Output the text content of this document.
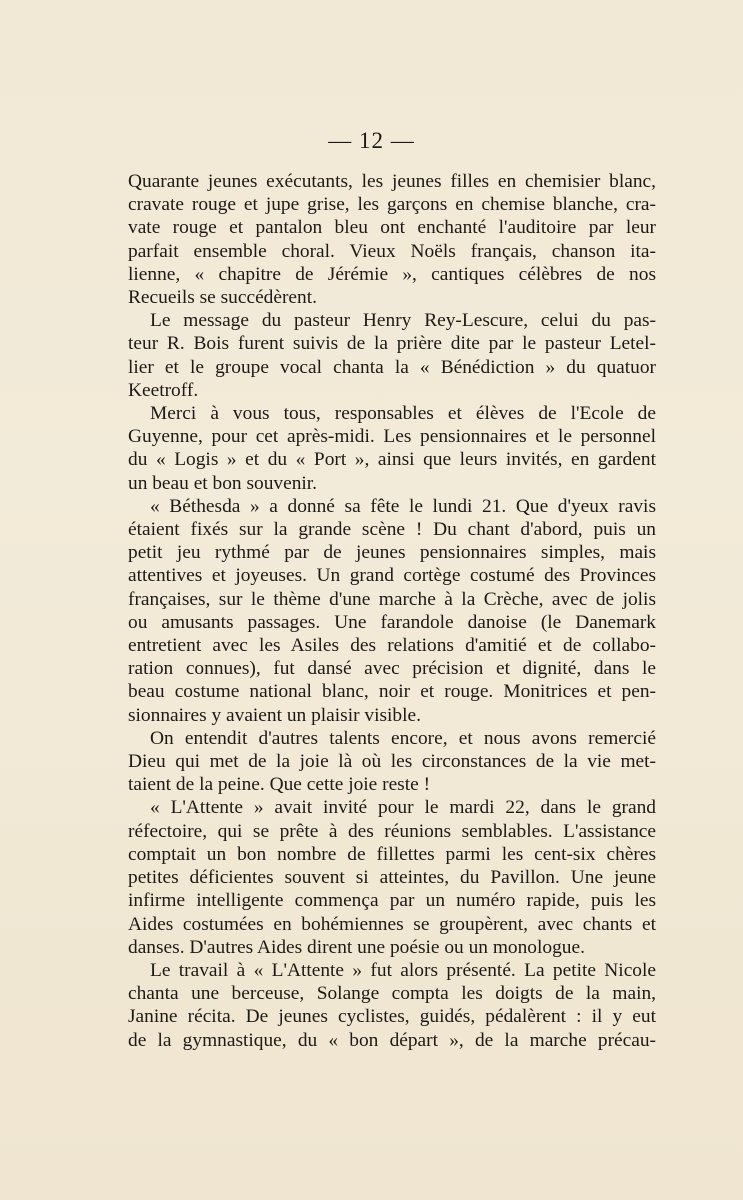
— 12 —

Quarante jeunes exécutants, les jeunes filles en chemisier blanc,
cravate rouge et jupe grise, les garçons en chemise blanche, cra-
vate rouge et pantalon bleu ont enchanté l'auditoire par leur
parfait ensemble choral. Vieux Noëls français, chanson ita-
lienne, « chapitre de Jérémie », cantiques célèbres de nos
Recueils se succédèrent.

Le message du pasteur Henry Rey-Lescure, celui du pas-
teur R. Bois furent suivis de la prière dite par le pasteur Letel-
lier et le groupe vocal chanta la « Bénédiction » du quatuor
Keetroff.

Merci à vous tous, responsables et élèves de l'Ecole de
Guyenne, pour cet après-midi. Les pensionnaires et le personnel
du « Logis » et du « Port », ainsi que leurs invités, en gardent
un beau et bon souvenir.

« Béthesda » a donné sa fête le lundi 21. Que d'yeux ravis
étaient fixés sur la grande scène ! Du chant d'abord, puis un
petit jeu rythmé par de jeunes pensionnaires simples, mais
attentives et joyeuses. Un grand cortège costumé des Provinces
françaises, sur le thème d'une marche à la Crèche, avec de jolis
ou amusants passages. Une farandole danoise (le Danemark
entretient avec les Asiles des relations d'amitié et de collabo-
ration connues), fut dansé avec précision et dignité, dans le
beau costume national blanc, noir et rouge. Monitrices et pen-
sionnaires y avaient un plaisir visible.

On entendit d'autres talents encore, et nous avons remercié
Dieu qui met de la joie là où les circonstances de la vie met-
taient de la peine. Que cette joie reste !

« L'Attente » avait invité pour le mardi 22, dans le grand
réfectoire, qui se prête à des réunions semblables. L'assistance
comptait un bon nombre de fillettes parmi les cent-six chères
petites déficientes souvent si atteintes, du Pavillon. Une jeune
infirme intelligente commença par un numéro rapide, puis les
Aides costumées en bohémiennes se groupèrent, avec chants et
danses. D'autres Aides dirent une poésie ou un monologue.

Le travail à « L'Attente » fut alors présenté. La petite Nicole
chanta une berceuse, Solange compta les doigts de la main,
Janine récita. De jeunes cyclistes, guidés, pédalèrent : il y eut
de la gymnastique, du « bon départ », de la marche précau-
